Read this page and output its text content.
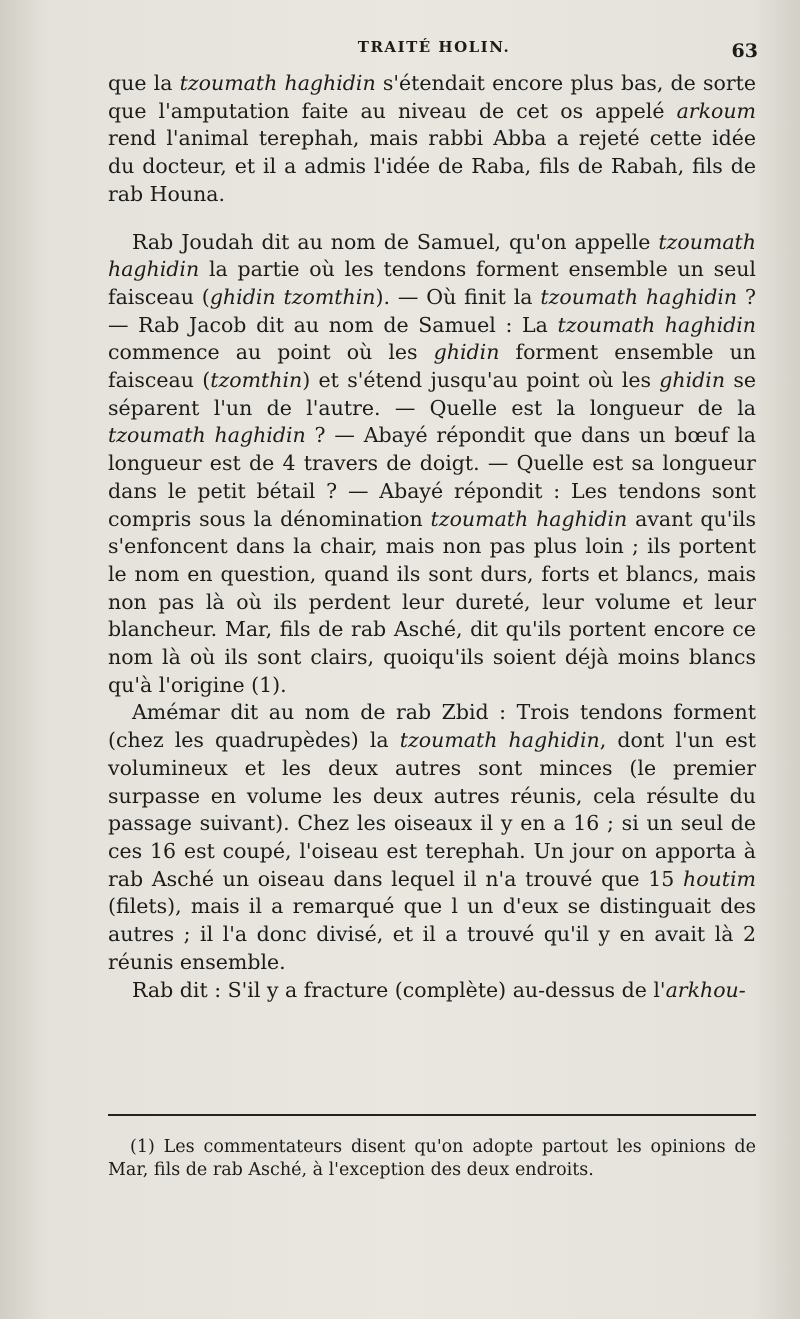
TRAITÉ HOLIN.	63

que la tzoumath haghidin s'étendait encore plus bas, de sorte que l'amputation faite au niveau de cet os appelé arkoum rend l'animal terephah, mais rabbi Abba a rejeté cette idée du docteur, et il a admis l'idée de Raba, fils de Rabah, fils de rab Houna.

Rab Joudah dit au nom de Samuel, qu'on appelle tzoumath haghidin la partie où les tendons forment ensemble un seul faisceau (ghidin tzomthin). — Où finit la tzoumath haghidin ? — Rab Jacob dit au nom de Samuel : La tzoumath haghidin commence au point où les ghidin forment ensemble un faisceau (tzomthin) et s'étend jusqu'au point où les ghidin se séparent l'un de l'autre. — Quelle est la longueur de la tzoumath haghidin ? — Abayé répondit que dans un bœuf la longueur est de 4 travers de doigt. — Quelle est sa longueur dans le petit bétail ? — Abayé répondit : Les tendons sont compris sous la dénomination tzoumath haghidin avant qu'ils s'enfoncent dans la chair, mais non pas plus loin ; ils portent le nom en question, quand ils sont durs, forts et blancs, mais non pas là où ils perdent leur dureté, leur volume et leur blancheur. Mar, fils de rab Asché, dit qu'ils portent encore ce nom là où ils sont clairs, quoiqu'ils soient déjà moins blancs qu'à l'origine (1).

Amémar dit au nom de rab Zbid : Trois tendons forment (chez les quadrupèdes) la tzoumath haghidin, dont l'un est volumineux et les deux autres sont minces (le premier surpasse en volume les deux autres réunis, cela résulte du passage suivant). Chez les oiseaux il y en a 16 ; si un seul de ces 16 est coupé, l'oiseau est terephah. Un jour on apporta à rab Asché un oiseau dans lequel il n'a trouvé que 15 houtim (filets), mais il a remarqué que l un d'eux se distinguait des autres ; il l'a donc divisé, et il a trouvé qu'il y en avait là 2 réunis ensemble.

Rab dit : S'il y a fracture (complète) au-dessus de l'arkhou-

(1) Les commentateurs disent qu'on adopte partout les opinions de Mar, fils de rab Asché, à l'exception des deux endroits.
